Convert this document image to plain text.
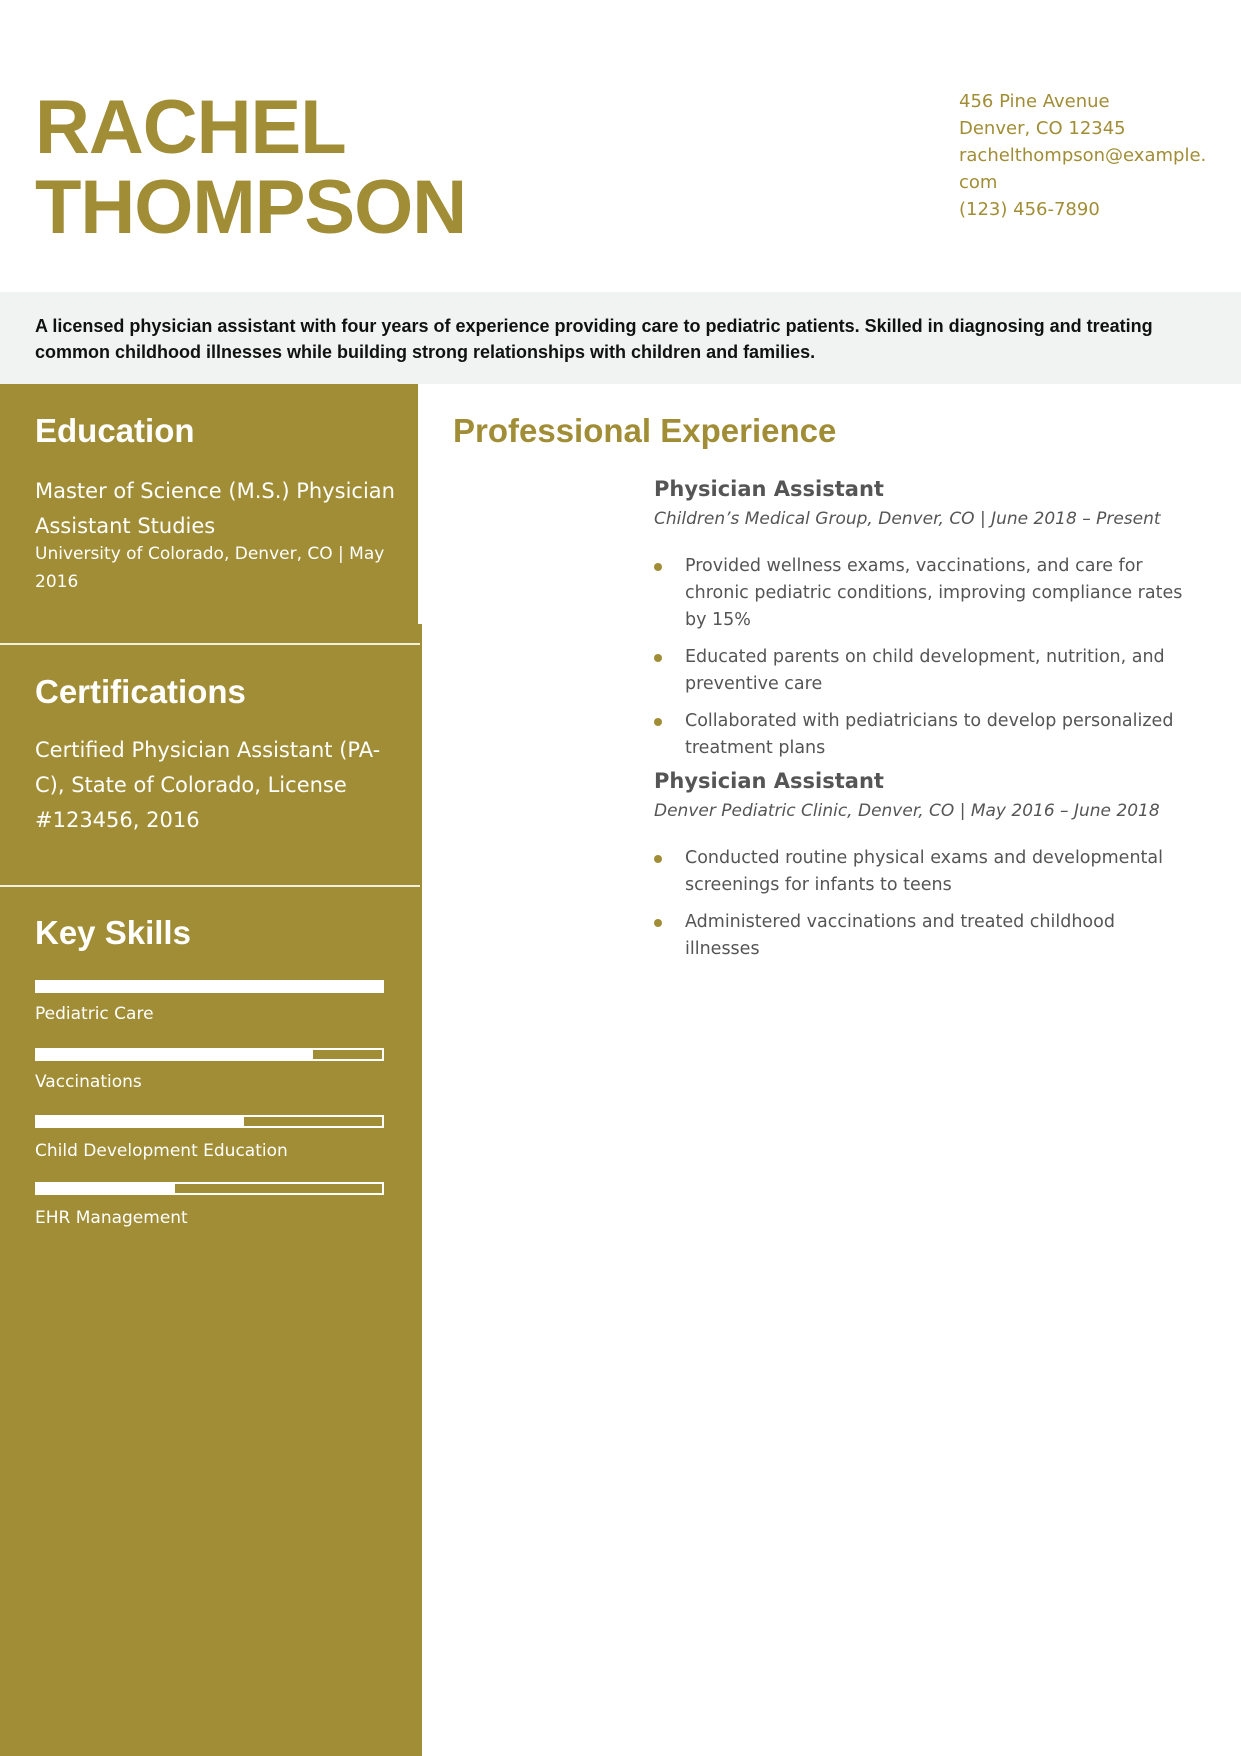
RACHEL
THOMPSON
456 Pine Avenue
Denver, CO 12345
rachelthompson@example.com
(123) 456-7890
A licensed physician assistant with four years of experience providing care to pediatric patients. Skilled in diagnosing and treating common childhood illnesses while building strong relationships with children and families.
Education
Master of Science (M.S.) Physician Assistant Studies
University of Colorado, Denver, CO | May 2016
Certifications
Certified Physician Assistant (PA-C), State of Colorado, License #123456, 2016
Key Skills
Pediatric Care
Vaccinations
Child Development Education
EHR Management
Professional Experience
Physician Assistant
Children’s Medical Group, Denver, CO | June 2018 – Present
Provided wellness exams, vaccinations, and care for chronic pediatric conditions, improving compliance rates by 15%
Educated parents on child development, nutrition, and preventive care
Collaborated with pediatricians to develop personalized treatment plans
Physician Assistant
Denver Pediatric Clinic, Denver, CO | May 2016 – June 2018
Conducted routine physical exams and developmental screenings for infants to teens
Administered vaccinations and treated childhood illnesses
